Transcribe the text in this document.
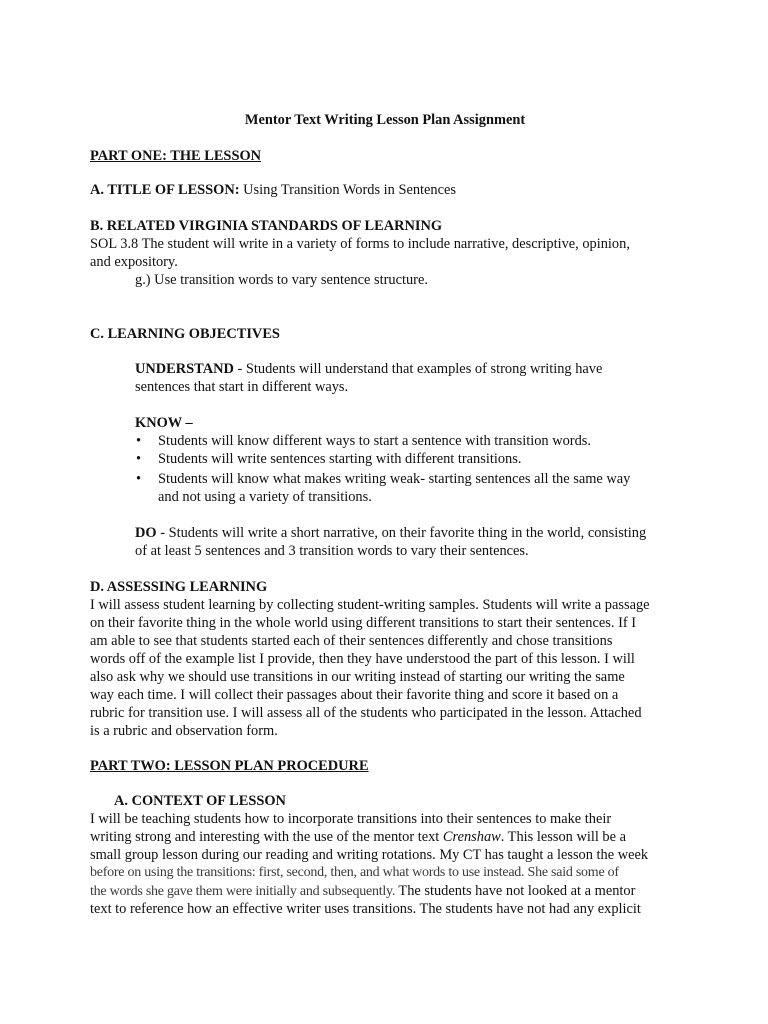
Mentor Text Writing Lesson Plan Assignment
PART ONE: THE LESSON
A. TITLE OF LESSON: Using Transition Words in Sentences
B. RELATED VIRGINIA STANDARDS OF LEARNING
SOL 3.8 The student will write in a variety of forms to include narrative, descriptive, opinion,
and expository.
g.) Use transition words to vary sentence structure.
C. LEARNING OBJECTIVES
UNDERSTAND - Students will understand that examples of strong writing have
sentences that start in different ways.
KNOW –
• Students will know different ways to start a sentence with transition words.
• Students will write sentences starting with different transitions.
• Students will know what makes writing weak- starting sentences all the same way
and not using a variety of transitions.
DO - Students will write a short narrative, on their favorite thing in the world, consisting
of at least 5 sentences and 3 transition words to vary their sentences.
D. ASSESSING LEARNING
I will assess student learning by collecting student-writing samples. Students will write a passage
on their favorite thing in the whole world using different transitions to start their sentences. If I
am able to see that students started each of their sentences differently and chose transitions
words off of the example list I provide, then they have understood the part of this lesson. I will
also ask why we should use transitions in our writing instead of starting our writing the same
way each time. I will collect their passages about their favorite thing and score it based on a
rubric for transition use. I will assess all of the students who participated in the lesson. Attached
is a rubric and observation form.
PART TWO: LESSON PLAN PROCEDURE
A. CONTEXT OF LESSON
I will be teaching students how to incorporate transitions into their sentences to make their
writing strong and interesting with the use of the mentor text Crenshaw. This lesson will be a
small group lesson during our reading and writing rotations. My CT has taught a lesson the week
before on using the transitions: first, second, then, and what words to use instead. She said some of
the words she gave them were initially and subsequently. The students have not looked at a mentor
text to reference how an effective writer uses transitions. The students have not had any explicit
